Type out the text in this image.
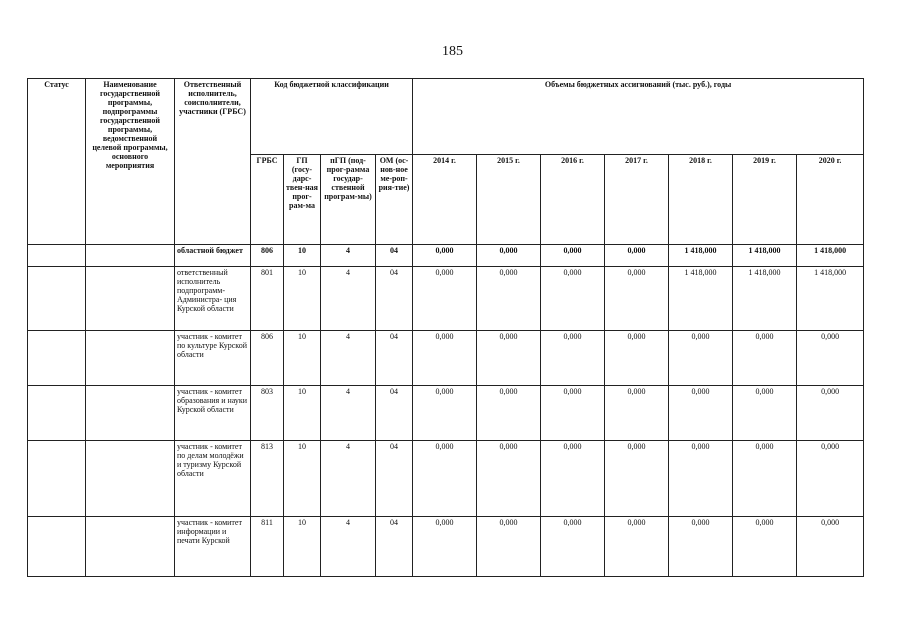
185
Статус	Наименование государственной программы, подпрограммы государственной программы, ведомственной целевой программы, основного мероприятия	Ответственный исполнитель, соисполнители, участники (ГРБС)	Код бюджетной классификации				Объемы бюджетных ассигнований (тыс. руб.), годы						
			ГРБС	ГП (госу-дарс-твен-ная прог-рам-ма	пГП (под-прог-рамма государ-ственной програм-мы)	ОМ (ос-нов-ное ме-роп-рия-тие)	2014 г.	2015 г.	2016 г.	2017 г.	2018 г.	2019 г.	2020 г.
		областной бюджет	806	10	4	04	0,000	0,000	0,000	0,000	1 418,000	1 418,000	1 418,000
		ответственный исполнитель подпрограмм- Администра- ция Курской области	801	10	4	04	0,000	0,000	0,000	0,000	1 418,000	1 418,000	1 418,000
		участник - комитет по культуре Курской области	806	10	4	04	0,000	0,000	0,000	0,000	0,000	0,000	0,000
		участник - комитет образования и науки Курской области	803	10	4	04	0,000	0,000	0,000	0,000	0,000	0,000	0,000
		участник - комитет по делам молодёжи и туризму Курской области	813	10	4	04	0,000	0,000	0,000	0,000	0,000	0,000	0,000
		участник - комитет информации и печати Курской	811	10	4	04	0,000	0,000	0,000	0,000	0,000	0,000	0,000
